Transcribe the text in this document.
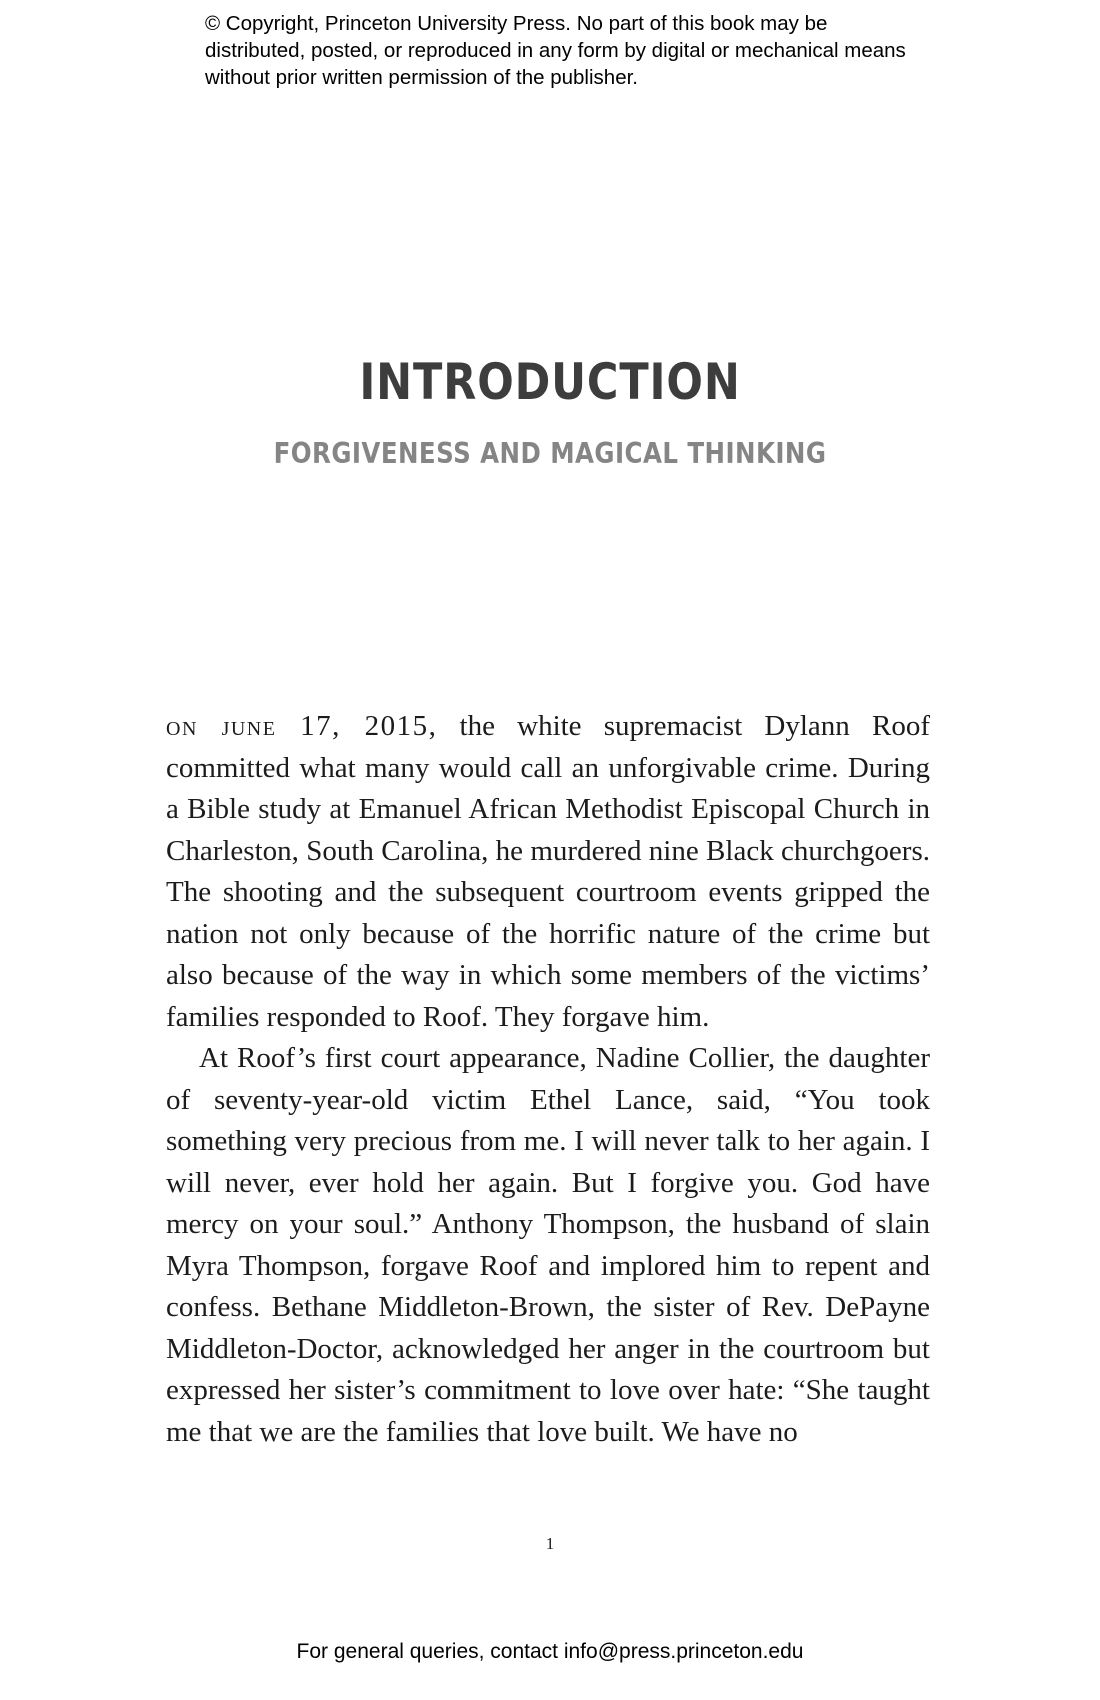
© Copyright, Princeton University Press. No part of this book may be distributed, posted, or reproduced in any form by digital or mechanical means without prior written permission of the publisher.

INTRODUCTION
FORGIVENESS AND MAGICAL THINKING

on june 17, 2015, the white supremacist Dylann Roof committed what many would call an unforgivable crime. During a Bible study at Emanuel African Methodist Episcopal Church in Charleston, South Carolina, he murdered nine Black churchgoers. The shooting and the subsequent courtroom events gripped the nation not only because of the horrific nature of the crime but also because of the way in which some members of the victims’ families responded to Roof. They forgave him.

At Roof’s first court appearance, Nadine Collier, the daughter of seventy-year-old victim Ethel Lance, said, “You took something very precious from me. I will never talk to her again. I will never, ever hold her again. But I forgive you. God have mercy on your soul.” Anthony Thompson, the husband of slain Myra Thompson, forgave Roof and implored him to repent and confess. Bethane Middleton-Brown, the sister of Rev. DePayne Middleton-Doctor, acknowledged her anger in the courtroom but expressed her sister’s commitment to love over hate: “She taught me that we are the families that love built. We have no

1

For general queries, contact info@press.princeton.edu
